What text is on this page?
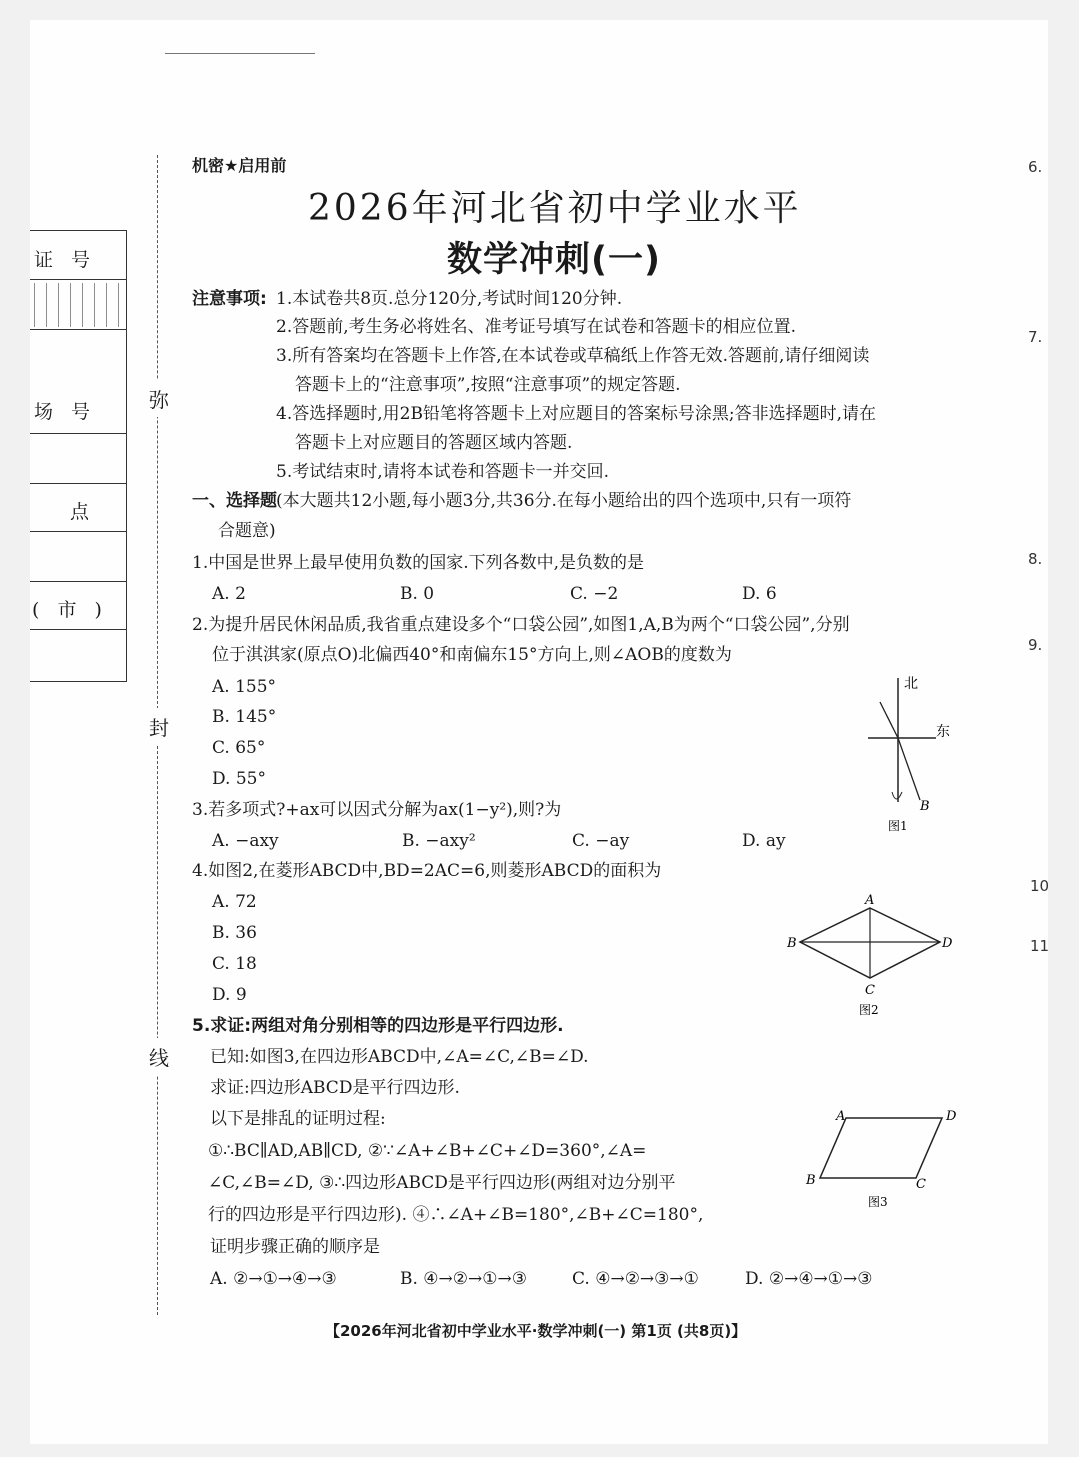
证 号
场 号
点
( 市 )
弥
封
线
6.
7.
8.
9.
10
11
机密★启用前
2026年河北省初中学业水平
数学冲刺(一)
注意事项: 1.本试卷共8页.总分120分,考试时间120分钟.
2.答题前,考生务必将姓名、准考证号填写在试卷和答题卡的相应位置.
3.所有答案均在答题卡上作答,在本试卷或草稿纸上作答无效.答题前,请仔细阅读
答题卡上的“注意事项”,按照“注意事项”的规定答题.
4.答选择题时,用2B铅笔将答题卡上对应题目的答案标号涂黑;答非选择题时,请在
答题卡上对应题目的答题区域内答题.
5.考试结束时,请将本试卷和答题卡一并交回.
一、选择题 (本大题共12小题,每小题3分,共36分.在每小题给出的四个选项中,只有一项符
合题意)
1.中国是世界上最早使用负数的国家.下列各数中,是负数的是
A. 2	B. 0	C. −2	D. 6
2.为提升居民休闲品质,我省重点建设多个“口袋公园”,如图1,A,B为两个“口袋公园”,分别
位于淇淇家(原点O)北偏西40°和南偏东15°方向上,则∠AOB的度数为
A. 155°
B. 145°
C. 65°
D. 55°
北
东
B
图1
3.若多项式?+ax可以因式分解为ax(1−y²),则?为
A. −axy	B. −axy²	C. −ay	D. ay
4.如图2,在菱形ABCD中,BD=2AC=6,则菱形ABCD的面积为
A. 72
B. 36
C. 18
D. 9
A
B
C
D
图2
5.求证:两组对角分别相等的四边形是平行四边形.
已知:如图3,在四边形ABCD中,∠A=∠C,∠B=∠D.
求证:四边形ABCD是平行四边形.
以下是排乱的证明过程:
①∴BC∥AD,AB∥CD, ②∵∠A+∠B+∠C+∠D=360°,∠A=
∠C,∠B=∠D, ③∴四边形ABCD是平行四边形(两组对边分别平
行的四边形是平行四边形). ④∴∠A+∠B=180°,∠B+∠C=180°,
证明步骤正确的顺序是
A. ②→①→④→③	B. ④→②→①→③	C. ④→②→③→①	D. ②→④→①→③
A	D
B	C
图3
【2026年河北省初中学业水平·数学冲刺(一) 第1页 (共8页)】
